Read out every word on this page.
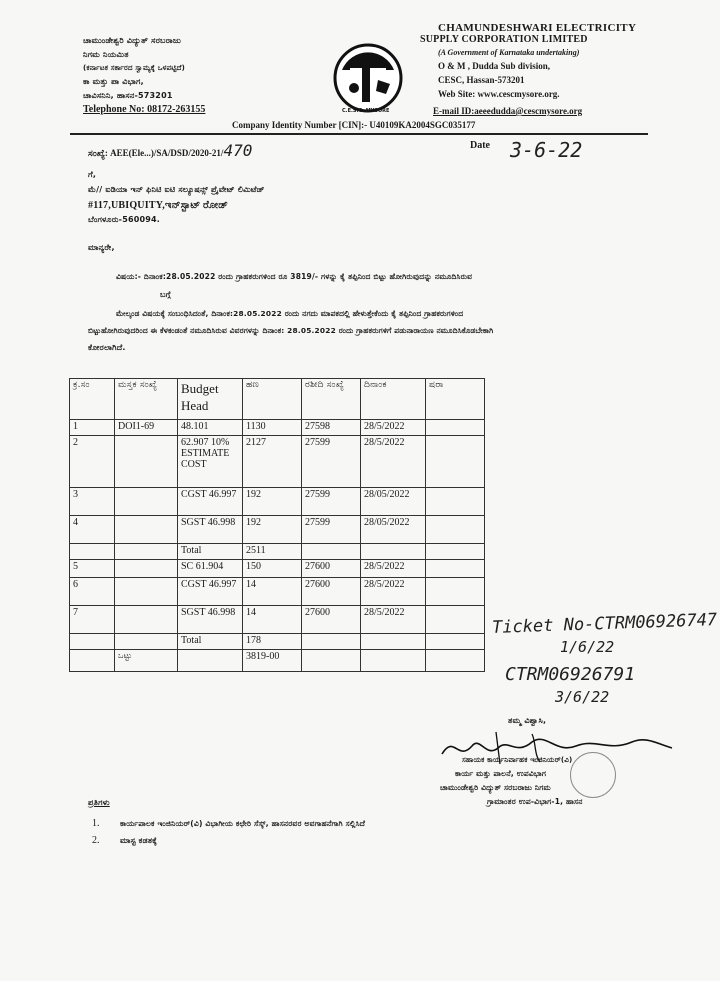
ಚಾಮುಂಡೇಶ್ವರಿ ವಿದ್ಯುತ್ ಸರಬರಾಜು
ನಿಗಮ ನಿಯಮಿತ
(ಕರ್ನಾಟಕ ಸರ್ಕಾರದ ಸ್ವಾಮ್ಯಕ್ಕೆ ಒಳಪಟ್ಟಿದೆ)
ಕಾ ಮತ್ತು ಪಾ ವಿಭಾಗ,
ಚಾವಿಸನಿನಿ, ಹಾಸನ-573201
Telephone No: 08172-263155	C.E.S.C. MYSORE
CHAMUNDESHWARI ELECTRICITY
SUPPLY CORPORATION LIMITED
(A Government of Karnataka undertaking)
O & M , Dudda Sub division,
CESC, Hassan-573201
Web Site: www.cescmysore.org.
E-mail ID:aeeedudda@cescmysore.org
Company Identity Number [CIN]:- U40109KA2004SGC035177
ಸಂಖ್ಯೆ: AEE(Ele...)/SA/DSD/2020-21/470	Date 3-6-22
ಗೆ,
ಮೆ// ಐಡಿಯಾ ಇನ್ ಫಿನಿಟಿ ಐಟಿ ಸಲ್ಯೂಷನ್ಸ್ ಪ್ರೈವೇಟ್ ಲಿಮಿಟೆಡ್
#117,UBIQUITY,ಇನ್‌ಸ್ಟಾಟ್ ರೋಡ್
ಬೆಂಗಳೂರು-560094.
ಮಾನ್ಯರೇ,
ವಿಷಯ:- ದಿನಾಂಕ:28.05.2022 ರಂದು ಗ್ರಾಹಕರುಗಳಿಂದ ರೂ 3819/- ಗಳನ್ನು ಕೈ ತಪ್ಪಿನಿಂದ ಬಿಟ್ಟು ಹೋಗಿರುವುದನ್ನು ನಮೂದಿಸಿರುವ
ಬಗ್ಗೆ
ಮೇಲ್ಕಂಡ ವಿಷಯಕ್ಕೆ ಸಂಬಂಧಿಸಿದಂತೆ, ದಿನಾಂಕ:28.05.2022 ರಂದು ನಗದು ಮಾಪಕದಲ್ಲಿ ಹೇಳುತ್ತೇಕೆಂದು ಕೈ ತಪ್ಪಿನಿಂದ ಗ್ರಾಹಕರುಗಳಿಂದ
ಬಿಟ್ಟುಹೋಗಿರುವುದರಿಂದ ಈ ಕೆಳಕಂಡಂತೆ ನಮೂದಿಸಿರುವ ವಿವರಗಳನ್ನು ದಿನಾಂಕ: 28.05.2022 ರಂದು ಗ್ರಾಹಕರುಗಳಿಗೆ ಪಡುನಾರಾಯಣ ನಮೂದಿಸಿಕೊಡಬೇಕಾಗಿ
ಕೋರಲಾಗಿದೆ.
ಕ್ರ.ಸಂ	ಮಸ್ತಕ ಸಂಖ್ಯೆ	Budget Head	ಹಣ	ರಶೀದಿ ಸಂಖ್ಯೆ	ದಿನಾಂಕ	ಷರಾ
1	DOI1-69	48.101	1130	27598	28/5/2022	
2		62.907 10% ESTIMATE COST	2127	27599	28/5/2022	
3		CGST 46.997	192	27599	28/05/2022	
4		SGST 46.998	192	27599	28/05/2022	
		Total	2511			
5		SC 61.904	150	27600	28/5/2022	
6		CGST 46.997	14	27600	28/5/2022	
7		SGST 46.998	14	27600	28/5/2022	
		Total	178			
	ಒಟ್ಟು		3819-00			
Ticket No-CTRM06926747
1/6/22
CTRM06926791
3/6/22
ತಮ್ಮ ವಿಶ್ವಾಸಿ,
ಸಹಾಯಕ ಕಾರ್ಯನಿರ್ವಾಹಕ ಇಂಜಿನಿಯರ್(ವಿ)
ಕಾರ್ಯ ಮತ್ತು ಪಾಲನೆ, ಉಪವಿಭಾಗ
ಚಾಮುಂಡೇಶ್ವರಿ ವಿದ್ಯುತ್ ಸರಬರಾಜು ನಿಗಮ
ಗ್ರಾಮಾಂತರ ಉಪ-ವಿಭಾಗ-1, ಹಾಸನ
ಪ್ರತಿಗಳು
1.	ಕಾರ್ಯಪಾಲಕ ಇಂಜಿನಿಯರ್(ವಿ) ವಿಭಾಗೀಯ ಕಛೇರಿ ಸೆಸ್ಕ್, ಹಾಸನರವರ ಅವಗಾಹನೆಗಾಗಿ ಸಲ್ಲಿಸಿದೆ
2.	ಮಾಸ್ಟ ಕಡತಕ್ಕೆ
